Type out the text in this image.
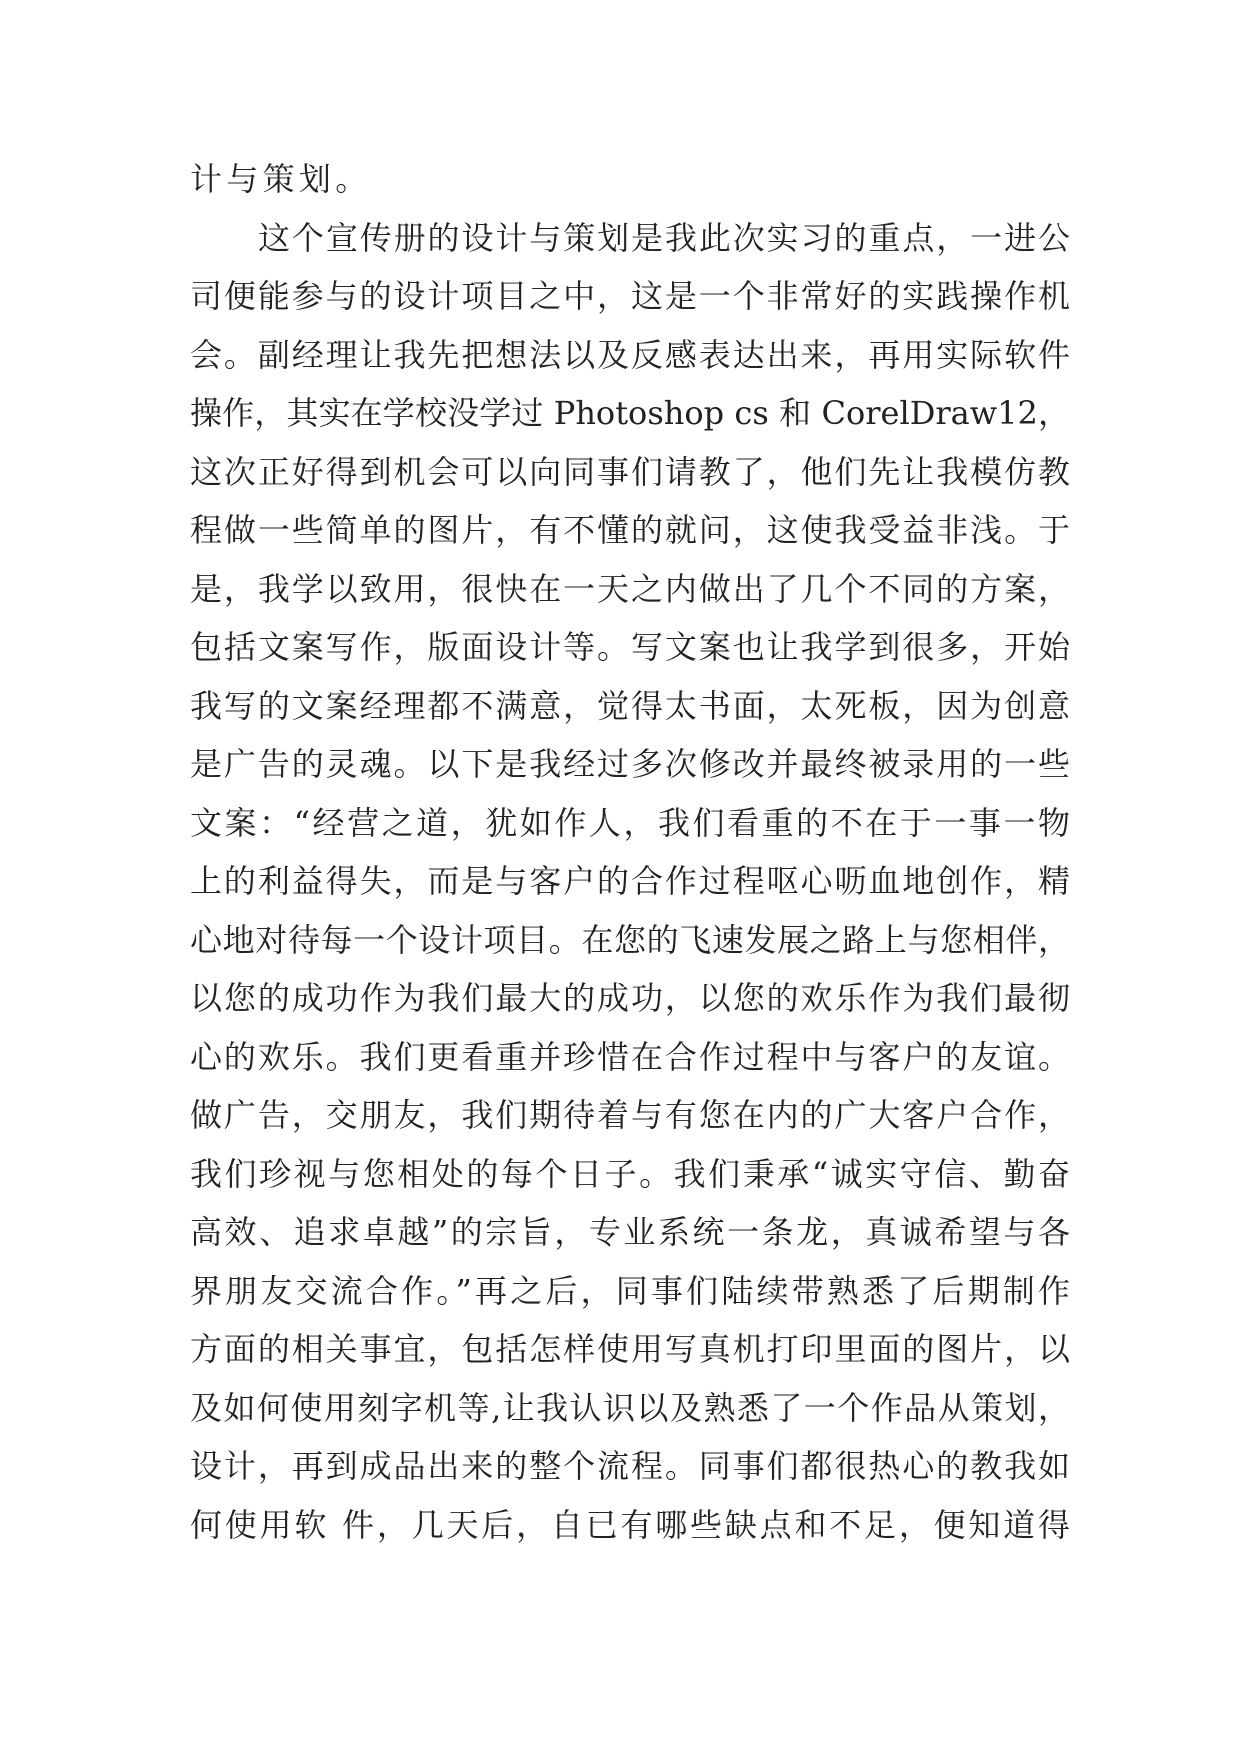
计与策划。
这个宣传册的设计与策划是我此次实习的重点，一进公
司便能参与的设计项目之中，这是一个非常好的实践操作机
会。副经理让我先把想法以及反感表达出来，再用实际软件
操作，其实在学校没学过 Photoshop cs 和 CorelDraw12，
这次正好得到机会可以向同事们请教了，他们先让我模仿教
程做一些简单的图片，有不懂的就问，这使我受益非浅。于
是，我学以致用，很快在一天之内做出了几个不同的方案，
包括文案写作，版面设计等。写文案也让我学到很多，开始
我写的文案经理都不满意，觉得太书面，太死板，因为创意
是广告的灵魂。以下是我经过多次修改并最终被录用的一些
文案：“经营之道，犹如作人，我们看重的不在于一事一物
上的利益得失，而是与客户的合作过程呕心呖血地创作，精
心地对待每一个设计项目。在您的飞速发展之路上与您相伴，
以您的成功作为我们最大的成功，以您的欢乐作为我们最彻
心的欢乐。我们更看重并珍惜在合作过程中与客户的友谊。
做广告，交朋友，我们期待着与有您在内的广大客户合作，
我们珍视与您相处的每个日子。我们秉承“诚实守信、勤奋
高效、追求卓越”的宗旨，专业系统一条龙，真诚希望与各
界朋友交流合作。”再之后，同事们陆续带熟悉了后期制作
方面的相关事宜，包括怎样使用写真机打印里面的图片，以
及如何使用刻字机等,让我认识以及熟悉了一个作品从策划，
设计，再到成品出来的整个流程。同事们都很热心的教我如
何使用软 件，几天后，自已有哪些缺点和不足，便知道得
